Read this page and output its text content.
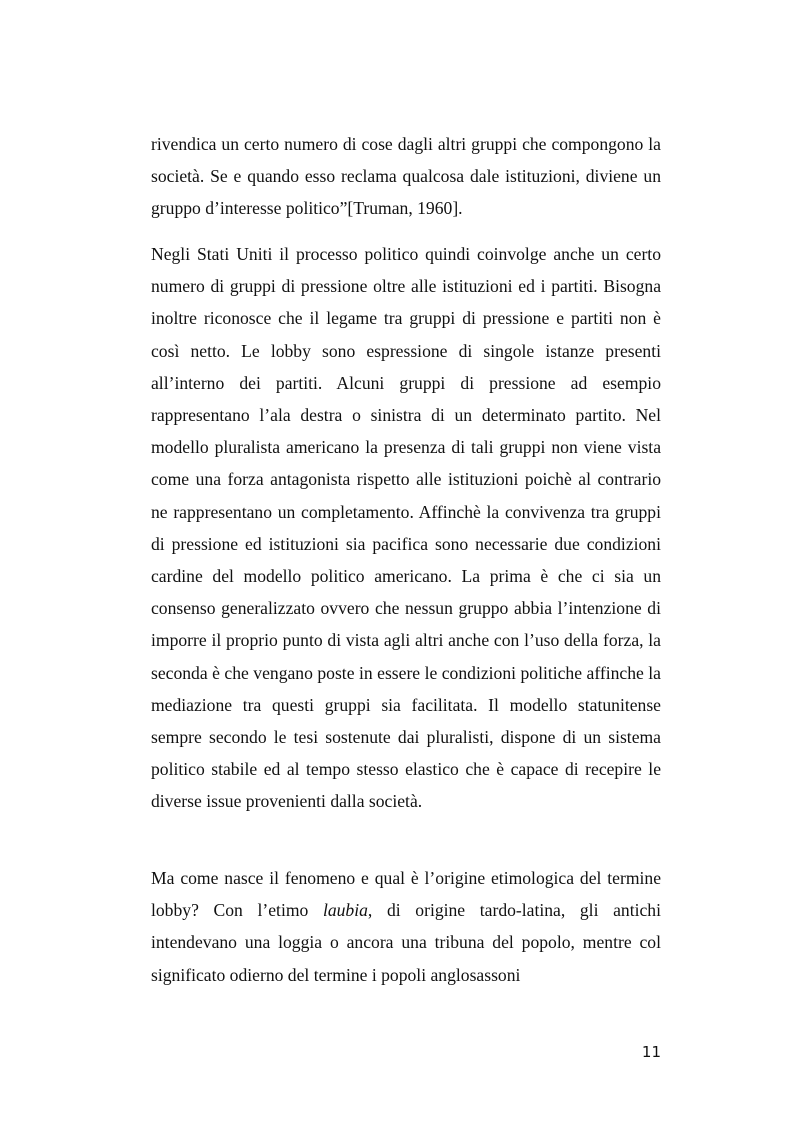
rivendica un certo numero di cose dagli altri gruppi che compongono la società. Se e quando esso reclama qualcosa dale istituzioni, diviene un gruppo d’interesse politico”[Truman, 1960].

Negli Stati Uniti il processo politico quindi coinvolge anche un certo numero di gruppi di pressione oltre alle istituzioni ed i partiti. Bisogna inoltre riconosce che il legame tra gruppi di pressione e partiti non è così netto. Le lobby sono espressione di singole istanze presenti all’interno dei partiti. Alcuni gruppi di pressione ad esempio rappresentano l’ala destra o sinistra di un determinato partito. Nel modello pluralista americano la presenza di tali gruppi non viene vista come una forza antagonista rispetto alle istituzioni poichè al contrario ne rappresentano un completamento. Affinchè la convivenza tra gruppi di pressione ed istituzioni sia pacifica sono necessarie due condizioni cardine del modello politico americano. La prima è che ci sia un consenso generalizzato ovvero che nessun gruppo abbia l’intenzione di imporre il proprio punto di vista agli altri anche con l’uso della forza, la seconda è che vengano poste in essere le condizioni politiche affinche la mediazione tra questi gruppi sia facilitata. Il modello statunitense sempre secondo le tesi sostenute dai pluralisti, dispone di un sistema politico stabile ed al tempo stesso elastico che è capace di recepire le diverse issue provenienti dalla società.

Ma come nasce il fenomeno e qual è l’origine etimologica del termine lobby? Con l’etimo laubia, di origine tardo-latina, gli antichi intendevano una loggia o ancora una tribuna del popolo, mentre col significato odierno del termine i popoli anglosassoni

11
